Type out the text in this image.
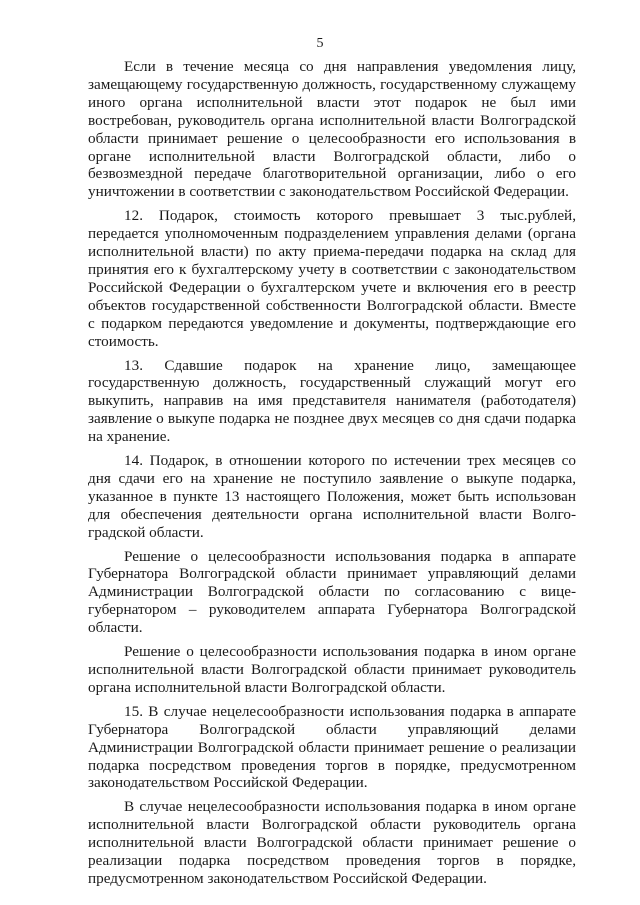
5

Если в течение месяца со дня направления уведомления лицу, замещающему государственную должность, государственному служащему иного органа исполнительной власти этот подарок не был ими востребован, руководитель органа исполнительной власти Волгоградской области принимает решение о целесообразности его использования в органе исполнительной власти Волгоградской области, либо о безвозмездной передаче благотворительной организации, либо о его уничтожении в соответствии с законодательством Российской Федерации.

12. Подарок, стоимость которого превышает 3 тыс.рублей, передается уполномоченным подразделением управления делами (органа исполнительной власти) по акту приема-передачи подарка на склад для принятия его к бухгалтерскому учету в соответствии с законодательством Российской Федерации о бухгалтерском учете и включения его в реестр объектов государственной собственности Волгоградской области. Вместе с подарком передаются уведомление и документы, подтверждающие его стоимость.

13. Сдавшие подарок на хранение лицо, замещающее государственную должность, государственный служащий могут его выкупить, направив на имя представителя нанимателя (работодателя) заявление о выкупе подарка не позднее двух месяцев со дня сдачи подарка на хранение.

14. Подарок, в отношении которого по истечении трех месяцев со дня сдачи его на хранение не поступило заявление о выкупе подарка, указанное в пункте 13 настоящего Положения, может быть использован для обеспечения деятельности органа исполнительной власти Волгоградской области.

Решение о целесообразности использования подарка в аппарате Губернатора Волгоградской области принимает управляющий делами Администрации Волгоградской области по согласованию с вице-губернатором – руководителем аппарата Губернатора Волгоградской области.

Решение о целесообразности использования подарка в ином органе исполнительной власти Волгоградской области принимает руководитель органа исполнительной власти Волгоградской области.

15. В случае нецелесообразности использования подарка в аппарате Губернатора Волгоградской области управляющий делами Администрации Волгоградской области принимает решение о реализации подарка посредством проведения торгов в порядке, предусмотренном законодательством Российской Федерации.

В случае нецелесообразности использования подарка в ином органе исполнительной власти Волгоградской области руководитель органа исполнительной власти Волгоградской области принимает решение о реализации подарка посредством проведения торгов в порядке, предусмотренном законодательством Российской Федерации.
